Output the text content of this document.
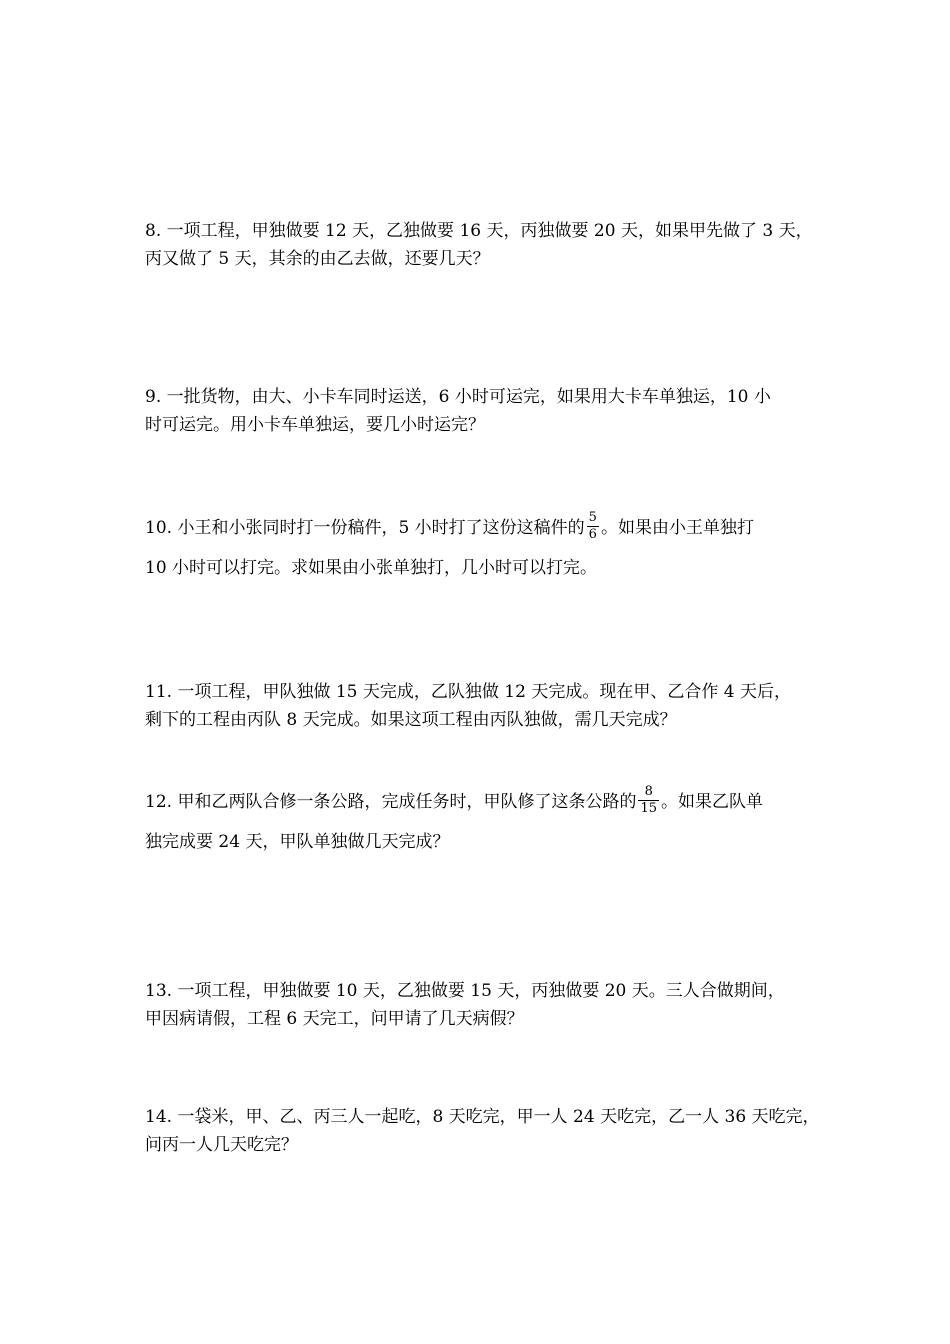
8. 一项工程，甲独做要 12 天，乙独做要 16 天，丙独做要 20 天，如果甲先做了 3 天，
丙又做了 5 天，其余的由乙去做，还要几天？
9. 一批货物，由大、小卡车同时运送，6 小时可运完，如果用大卡车单独运，10 小
时可运完。用小卡车单独运，要几小时运完？
10. 小王和小张同时打一份稿件，5 小时打了这份这稿件的 $\frac{5}{6}$ 。如果由小王单独打
10 小时可以打完。求如果由小张单独打，几小时可以打完。
11. 一项工程，甲队独做 15 天完成，乙队独做 12 天完成。现在甲、乙合作 4 天后，
剩下的工程由丙队 8 天完成。如果这项工程由丙队独做，需几天完成？
12. 甲和乙两队合修一条公路，完成任务时，甲队修了这条公路的 $\frac{8}{15}$ 。如果乙队单
独完成要 24 天，甲队单独做几天完成？
13. 一项工程，甲独做要 10 天，乙独做要 15 天，丙独做要 20 天。三人合做期间，
甲因病请假，工程 6 天完工，问甲请了几天病假？
14. 一袋米，甲、乙、丙三人一起吃，8 天吃完，甲一人 24 天吃完，乙一人 36 天吃完，
问丙一人几天吃完？
